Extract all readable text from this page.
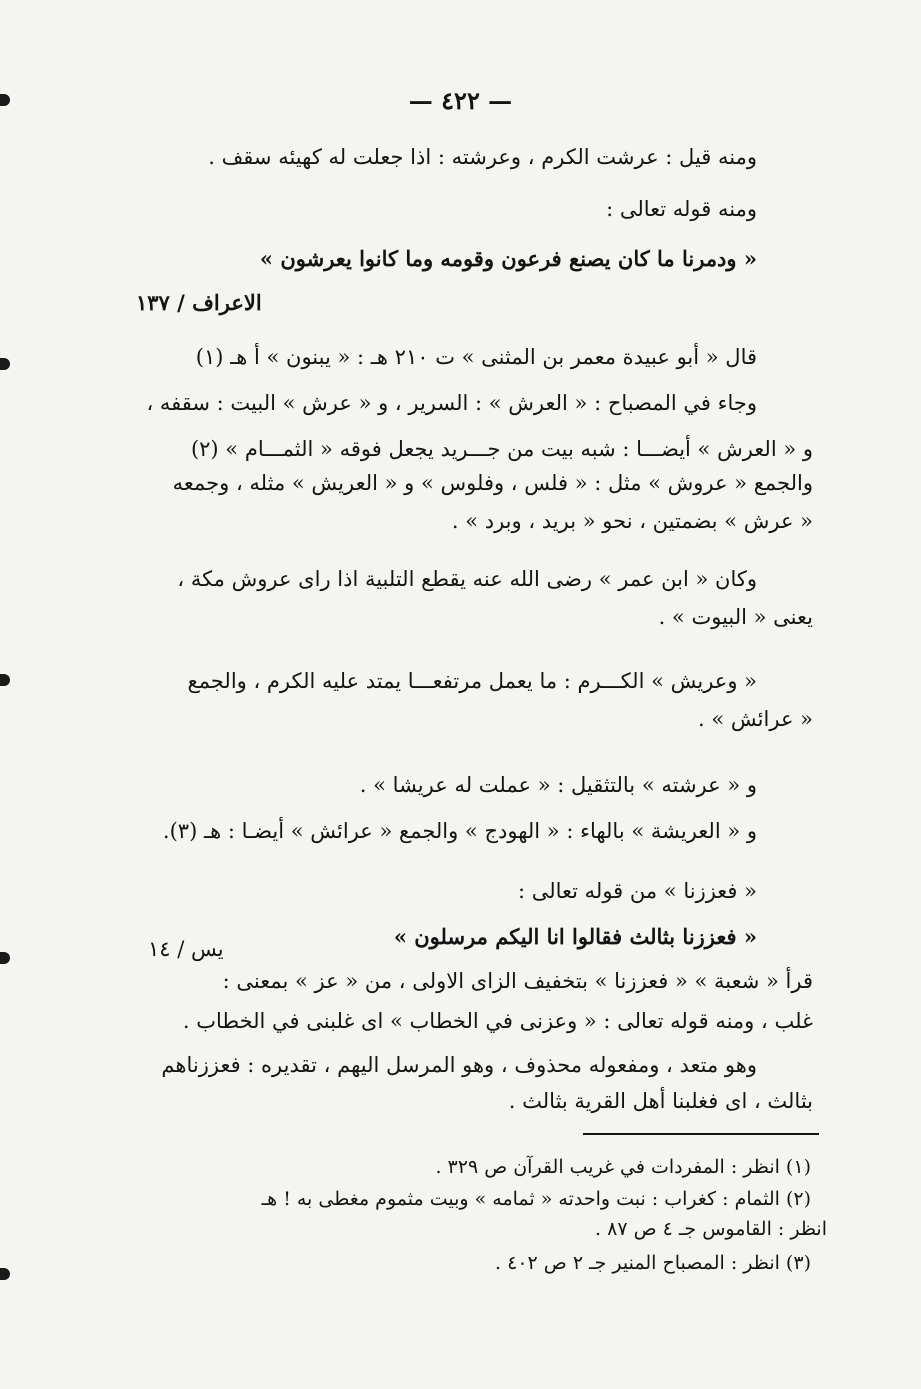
— ٤٢٢ —
ومنه قيل : عرشت الكرم ، وعرشته : اذا جعلت له كهيئه سقف .
ومنه قوله تعالى :
« ودمرنا ما كان يصنع فرعون وقومه وما كانوا يعرشون »
الاعراف / ١٣٧
قال « أبو عبيدة معمر بن المثنى » ت ٢١٠ هـ : « يبنون » أ هـ (١)
وجاء في المصباح : « العرش » : السرير ، و « عرش » البيت : سقفه ،
و « العرش » أيضـــا : شبه بيت من جـــريد يجعل فوقه « الثمـــام » (٢)
والجمع « عروش » مثل : « فلس ، وفلوس » و « العريش » مثله ، وجمعه
« عرش » بضمتين ، نحو « بريد ، وبرد » .
وكان « ابن عمر » رضى الله عنه يقطع التلبية اذا راى عروش مكة ،
يعنى « البيوت » .
« وعريش » الكـــرم : ما يعمل مرتفعـــا يمتد عليه الكرم ، والجمع
« عرائش » .
و « عرشته » بالتثقيل : « عملت له عريشا » .
و « العريشة » بالهاء : « الهودج » والجمع « عرائش » أيضـا : هـ (٣).
« فعززنا » من قوله تعالى :
« فعززنا بثالث فقالوا انا اليكم مرسلون »
يس / ١٤
قرأ « شعبة » « فعززنا » بتخفيف الزاى الاولى ، من « عز » بمعنى :
غلب ، ومنه قوله تعالى : « وعزنى في الخطاب » اى غلبنى في الخطاب .
وهو متعد ، ومفعوله محذوف ، وهو المرسل اليهم ، تقديره : فعززناهم
بثالث ، اى فغلبنا أهل القرية بثالث .
(١) انظر : المفردات في غريب القرآن ص ٣٢٩ .
(٢) الثمام : كغراب : نبت واحدته « ثمامه » وبيت مثموم مغطى به ! هـ
انظر : القاموس جـ ٤ ص ٨٧ .
(٣) انظر : المصباح المنير جـ ٢ ص ٤٠٢ .
